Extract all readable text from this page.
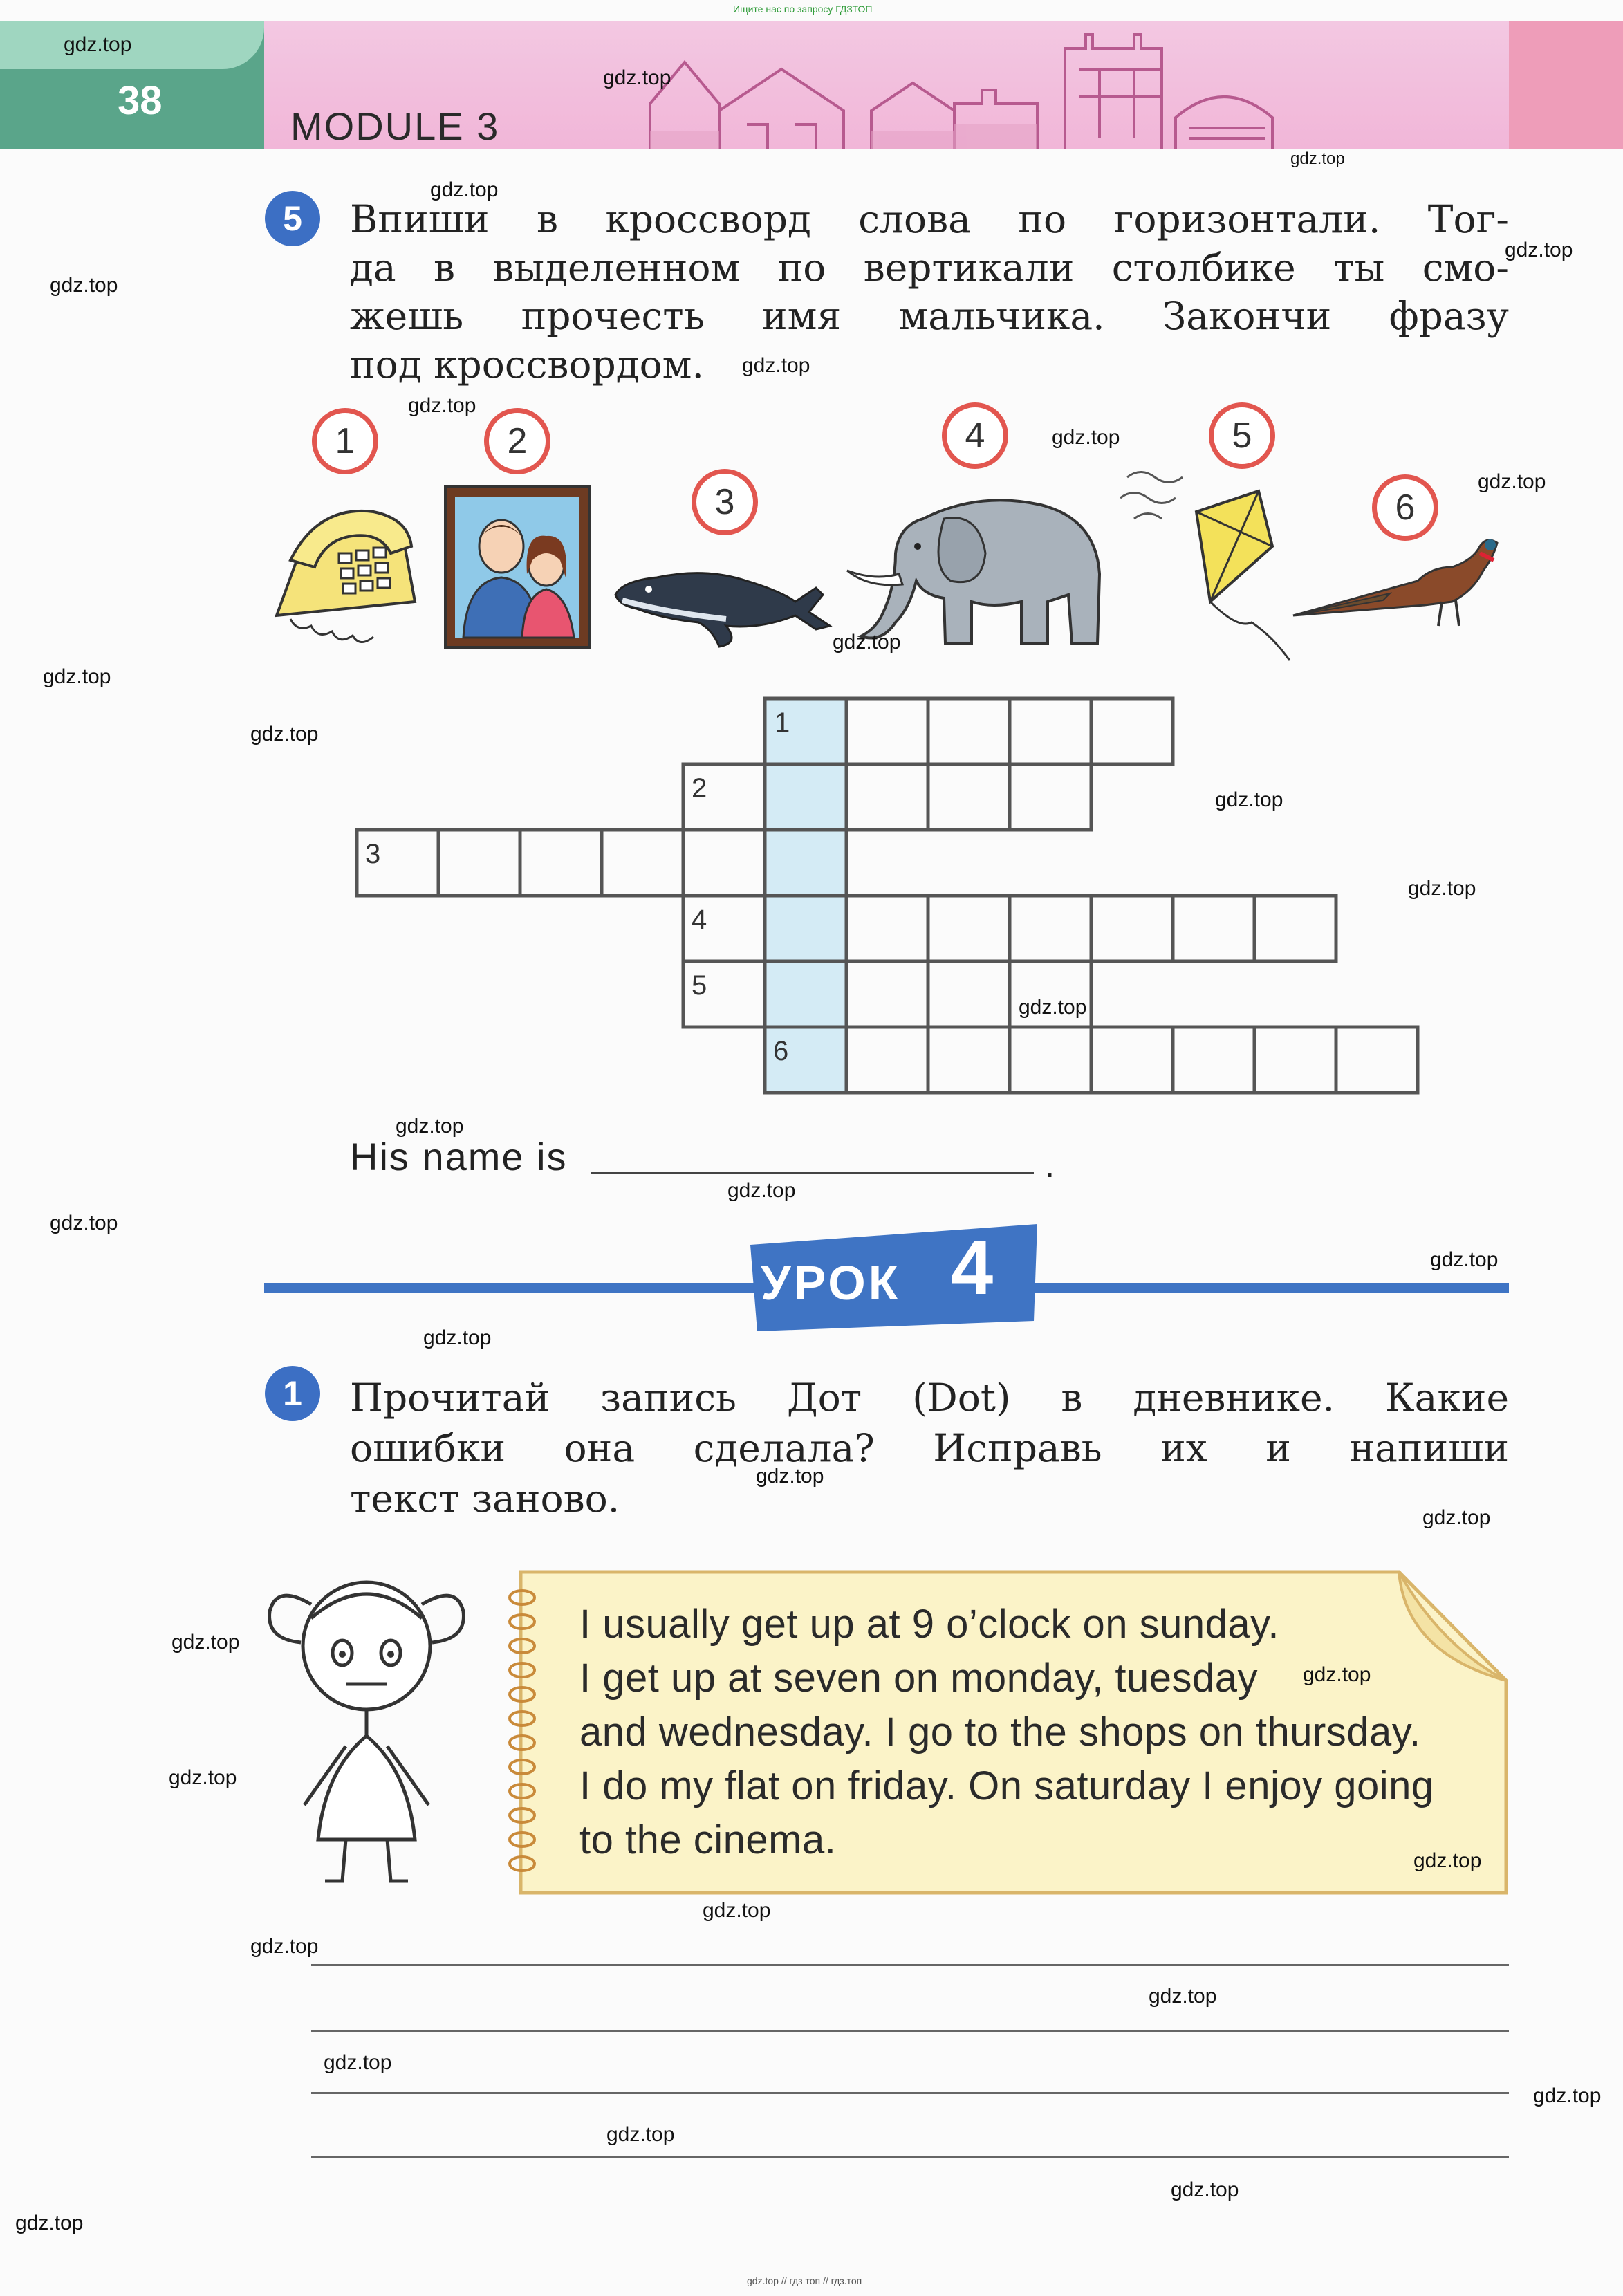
Ищите нас по запросу ГДЗТОП
38
MODULE 3
5	Впиши в кроссворд слова по горизонтали. Тог-
да в выделенном по вертикали столбике ты смо-
жешь прочесть имя мальчика. Закончи фразу
под кроссвордом.
1	2
3
4	5
6
1
2
3
4
5
6
His name is	.
УРОК 4
1	Прочитай запись Дот (Dot) в дневнике. Какие
ошибки она сделала? Исправь их и напиши
текст заново.
I usually get up at 9 o’clock on sunday.
I get up at seven on monday, tuesday
and wednesday. I go to the shops on thursday.
I do my flat on friday. On saturday I enjoy going
to the cinema.
gdz.top
gdz.top
gdz.top
gdz.top
gdz.top
gdz.top
gdz.top
gdz.top
gdz.top
gdz.top
gdz.top
gdz.top
gdz.top
gdz.top
gdz.top
gdz.top
gdz.top
gdz.top
gdz.top
gdz.top
gdz.top
gdz.top
gdz.top
gdz.top
gdz.top
gdz.top
gdz.top
gdz.top
gdz.top
gdz.top
gdz.top
gdz.top
gdz.top
gdz.top
gdz.top
gdz.top // гдз топ // гдз.топ
